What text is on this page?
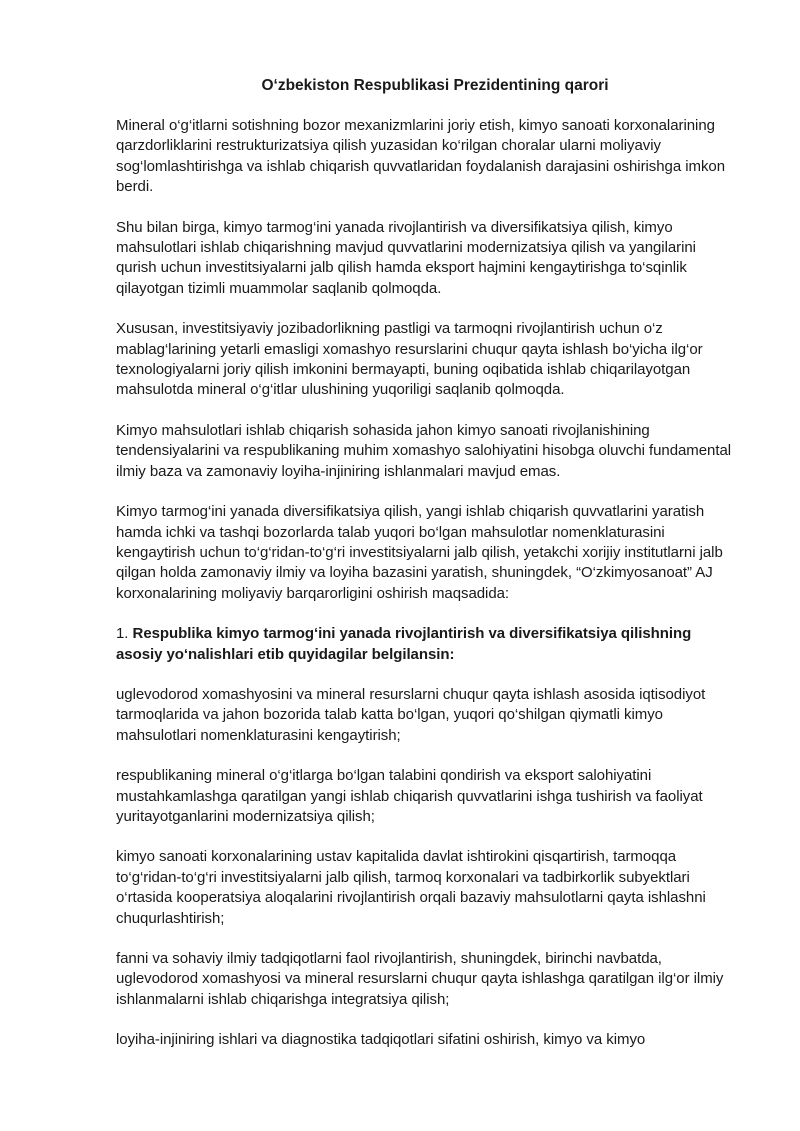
O‘zbekiston Respublikasi Prezidentining qarori

Mineral o‘g‘itlarni sotishning bozor mexanizmlarini joriy etish, kimyo sanoati korxonalarining qarzdorliklarini restrukturizatsiya qilish yuzasidan ko‘rilgan choralar ularni moliyaviy sog‘lomlashtirishga va ishlab chiqarish quvvatlaridan foydalanish darajasini oshirishga imkon berdi.

Shu bilan birga, kimyo tarmog‘ini yanada rivojlantirish va diversifikatsiya qilish, kimyo mahsulotlari ishlab chiqarishning mavjud quvvatlarini modernizatsiya qilish va yangilarini qurish uchun investitsiyalarni jalb qilish hamda eksport hajmini kengaytirishga to‘sqinlik qilayotgan tizimli muammolar saqlanib qolmoqda.

Xususan, investitsiyaviy jozibadorlikning pastligi va tarmoqni rivojlantirish uchun o‘z mablag‘larining yetarli emasligi xomashyo resurslarini chuqur qayta ishlash bo‘yicha ilg‘or texnologiyalarni joriy qilish imkonini bermayapti, buning oqibatida ishlab chiqarilayotgan mahsulotda mineral o‘g‘itlar ulushining yuqoriligi saqlanib qolmoqda.

Kimyo mahsulotlari ishlab chiqarish sohasida jahon kimyo sanoati rivojlanishining tendensiyalarini va respublikaning muhim xomashyo salohiyatini hisobga oluvchi fundamental ilmiy baza va zamonaviy loyiha-injiniring ishlanmalari mavjud emas.

Kimyo tarmog‘ini yanada diversifikatsiya qilish, yangi ishlab chiqarish quvvatlarini yaratish hamda ichki va tashqi bozorlarda talab yuqori bo‘lgan mahsulotlar nomenklaturasini kengaytirish uchun to‘g‘ridan-to‘g‘ri investitsiyalarni jalb qilish, yetakchi xorijiy institutlarni jalb qilgan holda zamonaviy ilmiy va loyiha bazasini yaratish, shuningdek, “O‘zkimyosanoat” AJ korxonalarining moliyaviy barqarorligini oshirish maqsadida:

1. Respublika kimyo tarmog‘ini yanada rivojlantirish va diversifikatsiya qilishning asosiy yo‘nalishlari etib quyidagilar belgilansin:

uglevodorod xomashyosini va mineral resurslarni chuqur qayta ishlash asosida iqtisodiyot tarmoqlarida va jahon bozorida talab katta bo‘lgan, yuqori qo‘shilgan qiymatli kimyo mahsulotlari nomenklaturasini kengaytirish;

respublikaning mineral o‘g‘itlarga bo‘lgan talabini qondirish va eksport salohiyatini mustahkamlashga qaratilgan yangi ishlab chiqarish quvvatlarini ishga tushirish va faoliyat yuritayotganlarini modernizatsiya qilish;

kimyo sanoati korxonalarining ustav kapitalida davlat ishtirokini qisqartirish, tarmoqqa to‘g‘ridan-to‘g‘ri investitsiyalarni jalb qilish, tarmoq korxonalari va tadbirkorlik subyektlari o‘rtasida kooperatsiya aloqalarini rivojlantirish orqali bazaviy mahsulotlarni qayta ishlashni chuqurlashtirish;

fanni va sohaviy ilmiy tadqiqotlarni faol rivojlantirish, shuningdek, birinchi navbatda, uglevodorod xomashyosi va mineral resurslarni chuqur qayta ishlashga qaratilgan ilg‘or ilmiy ishlanmalarni ishlab chiqarishga integratsiya qilish;

loyiha-injiniring ishlari va diagnostika tadqiqotlari sifatini oshirish, kimyo va kimyo
